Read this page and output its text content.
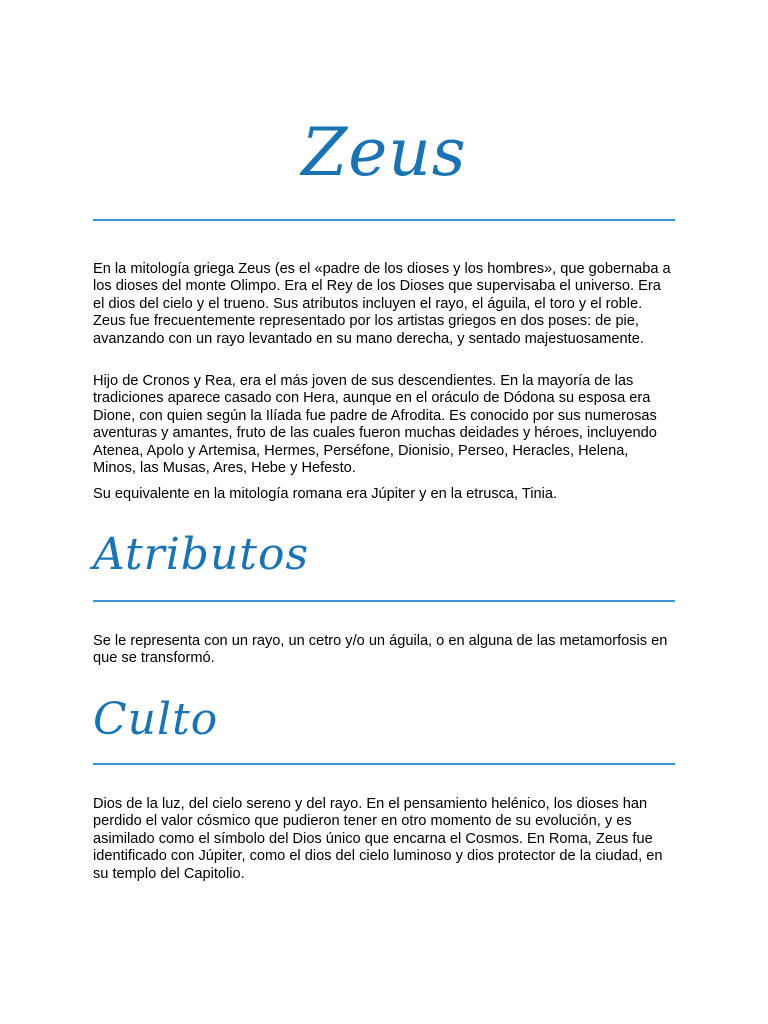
Zeus

En la mitología griega Zeus (es el «padre de los dioses y los hombres», que gobernaba a los dioses del monte Olimpo. Era el Rey de los Dioses que supervisaba el universo. Era el dios del cielo y el trueno. Sus atributos incluyen el rayo, el águila, el toro y el roble. Zeus fue frecuentemente representado por los artistas griegos en dos poses: de pie, avanzando con un rayo levantado en su mano derecha, y sentado majestuosamente.

Hijo de Cronos y Rea, era el más joven de sus descendientes. En la mayoría de las tradiciones aparece casado con Hera, aunque en el oráculo de Dódona su esposa era Dione, con quien según la Ilíada fue padre de Afrodita. Es conocido por sus numerosas aventuras y amantes, fruto de las cuales fueron muchas deidades y héroes, incluyendo Atenea, Apolo y Artemisa, Hermes, Perséfone, Dionisio, Perseo, Heracles, Helena, Minos, las Musas, Ares, Hebe y Hefesto.

Su equivalente en la mitología romana era Júpiter y en la etrusca, Tinia.

Atributos

Se le representa con un rayo, un cetro y/o un águila, o en alguna de las metamorfosis en que se transformó.

Culto

Dios de la luz, del cielo sereno y del rayo. En el pensamiento helénico, los dioses han perdido el valor cósmico que pudieron tener en otro momento de su evolución, y es asimilado como el símbolo del Dios único que encarna el Cosmos. En Roma, Zeus fue identificado con Júpiter, como el dios del cielo luminoso y dios protector de la ciudad, en su templo del Capitolio.
